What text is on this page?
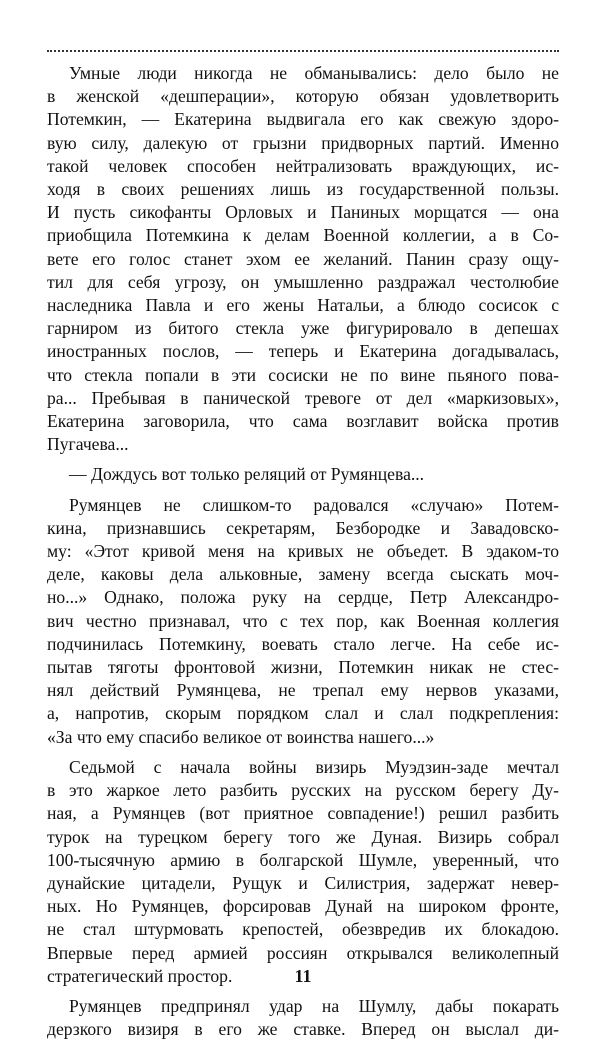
Умные люди никогда не обманывались: дело было не
в женской «дешперации», которую обязан удовлетворить
Потемкин, — Екатерина выдвигала его как свежую здоро-
вую силу, далекую от грызни придворных партий. Именно
такой человек способен нейтрализовать враждующих, ис-
ходя в своих решениях лишь из государственной пользы.
И пусть сикофанты Орловых и Паниных морщатся — она
приобщила Потемкина к делам Военной коллегии, а в Со-
вете его голос станет эхом ее желаний. Панин сразу ощу-
тил для себя угрозу, он умышленно раздражал честолюбие
наследника Павла и его жены Натальи, а блюдо сосисок с
гарниром из битого стекла уже фигурировало в депешах
иностранных послов, — теперь и Екатерина догадывалась,
что стекла попали в эти сосиски не по вине пьяного пова-
ра... Пребывая в панической тревоге от дел «маркизовых»,
Екатерина заговорила, что сама возглавит войска против
Пугачева...

— Дождусь вот только реляций от Румянцева...

Румянцев не слишком-то радовался «случаю» Потем-
кина, признавшись секретарям, Безбородке и Завадовско-
му: «Этот кривой меня на кривых не объедет. В эдаком-то
деле, каковы дела альковные, замену всегда сыскать моч-
но...» Однако, положа руку на сердце, Петр Александро-
вич честно признавал, что с тех пор, как Военная коллегия
подчинилась Потемкину, воевать стало легче. На себе ис-
пытав тяготы фронтовой жизни, Потемкин никак не стес-
нял действий Румянцева, не трепал ему нервов указами,
а, напротив, скорым порядком слал и слал подкрепления:
«За что ему спасибо великое от воинства нашего...»

Седьмой с начала войны визирь Муэдзин-заде мечтал
в это жаркое лето разбить русских на русском берегу Ду-
ная, а Румянцев (вот приятное совпадение!) решил разбить
турок на турецком берегу того же Дуная. Визирь собрал
100-тысячную армию в болгарской Шумле, уверенный, что
дунайские цитадели, Рущук и Силистрия, задержат невер-
ных. Но Румянцев, форсировав Дунай на широком фронте,
не стал штурмовать крепостей, обезвредив их блокадою.
Впервые перед армией россиян открывался великолепный
стратегический простор.

Румянцев предпринял удар на Шумлу, дабы покарать
дерзкого визиря в его же ставке. Вперед он выслал ди-

11
